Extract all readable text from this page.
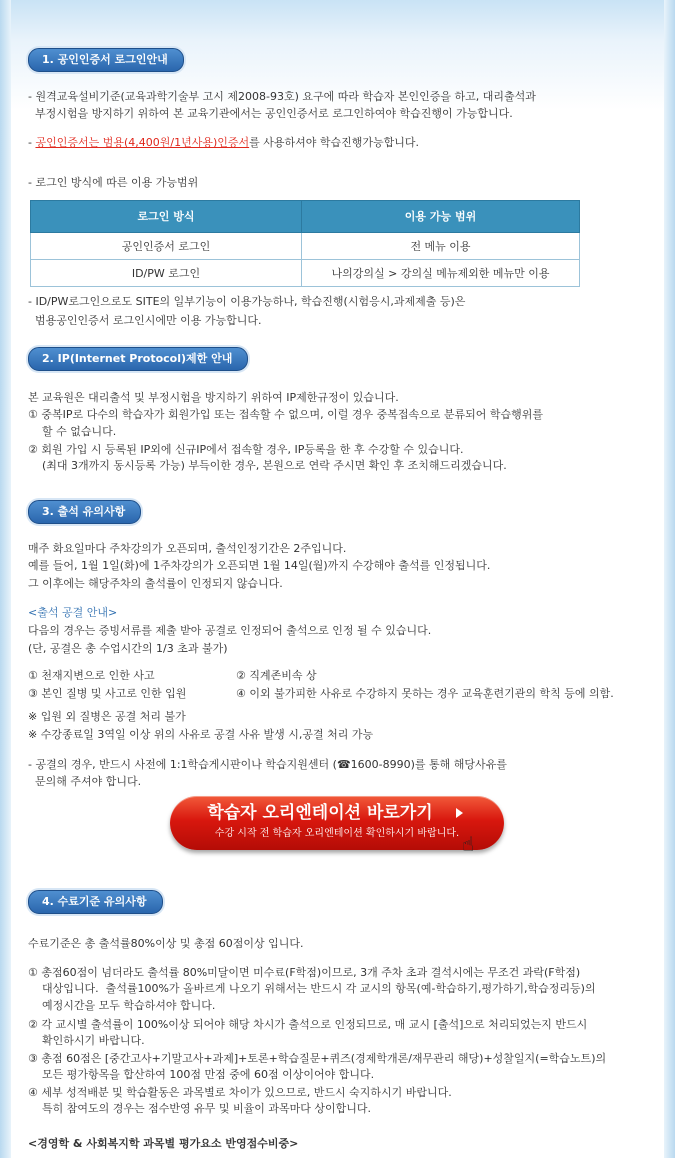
1. 공인인증서 로그인안내
- 원격교육설비기준(교육과학기술부 고시 제2008-93호) 요구에 따라 학습자 본인인증을 하고, 대리출석과
부정시험을 방지하기 위하여 본 교육기관에서는 공인인증서로 로그인하여야 학습진행이 가능합니다.
- 공인인증서는 범용(4,400원/1년사용)인증서를 사용하셔야 학습진행가능합니다.
- 로그인 방식에 따른 이용 가능범위
로그인 방식	이용 가능 범위
공인인증서 로그인	전 메뉴 이용
ID/PW 로그인	나의강의실 > 강의실 메뉴제외한 메뉴만 이용
- ID/PW로그인으로도 SITE의 일부기능이 이용가능하나, 학습진행(시험응시,과제제출 등)은
범용공인인증서 로그인시에만 이용 가능합니다.
2. IP(Internet Protocol)제한 안내
본 교육원은 대리출석 및 부정시험을 방지하기 위하여 IP제한규정이 있습니다.
① 중복IP로 다수의 학습자가 회원가입 또는 접속할 수 없으며, 이럴 경우 중복접속으로 분류되어 학습행위를
할 수 없습니다.
② 회원 가입 시 등록된 IP외에 신규IP에서 접속할 경우, IP등록을 한 후 수강할 수 있습니다.
(최대 3개까지 동시등록 가능) 부득이한 경우, 본원으로 연락 주시면 확인 후 조치해드리겠습니다.
3. 출석 유의사항
매주 화요일마다 주차강의가 오픈되며, 출석인정기간은 2주입니다.
예를 들어, 1월 1일(화)에 1주차강의가 오픈되면 1월 14일(월)까지 수강해야 출석를 인정됩니다.
그 이후에는 해당주차의 출석률이 인정되지 않습니다.
<출석 공결 안내>
다음의 경우는 증빙서류를 제출 받아 공결로 인정되어 출석으로 인정 될 수 있습니다.
(단, 공결은 총 수업시간의 1/3 초과 불가)
① 천재지변으로 인한 사고	② 직계존비속 상
③ 본인 질병 및 사고로 인한 입원	④ 이외 불가피한 사유로 수강하지 못하는 경우 교육훈련기관의 학칙 등에 의함.
※ 입원 외 질병은 공결 처리 불가
※ 수강종료일 3역일 이상 위의 사유로 공결 사유 발생 시,공결 처리 가능
- 공결의 경우, 반드시 사전에 1:1학습게시판이나 학습지원센터 (☎1600-8990)를 통해 해당사유를
문의해 주셔야 합니다.
학습자 오리엔테이션 바로가기
수강 시작 전 학습자 오리엔테이션 확인하시기 바랍니다. ☝
4. 수료기준 유의사항
수료기준은 총 출석률80%이상 및 총점 60점이상 입니다.
① 총점60점이 넘더라도 출석률 80%미달이면 미수료(F학점)이므로, 3개 주차 초과 결석시에는 무조건 과락(F학점)
대상입니다.  출석률100%가 올바르게 나오기 위해서는 반드시 각 교시의 항목(예-학습하기,평가하기,학습정리등)의
예정시간을 모두 학습하셔야 합니다.
② 각 교시별 출석률이 100%이상 되어야 해당 차시가 출석으로 인정되므로, 매 교시 [출석]으로 처리되었는지 반드시
확인하시기 바랍니다.
③ 총점 60점은 [중간고사+기말고사+과제]+토론+학습질문+퀴즈(경제학개론/재무관리 해당)+성찰일지(=학습노트)의
모든 평가항목을 합산하여 100점 만점 중에 60점 이상이어야 합니다.
④ 세부 성적배분 및 학습활동은 과목별로 차이가 있으므로, 반드시 숙지하시기 바랍니다.
특히 참여도의 경우는 점수반영 유무 및 비율이 과목마다 상이합니다.
<경영학 & 사회복지학 과목별 평가요소 반영점수비중>
